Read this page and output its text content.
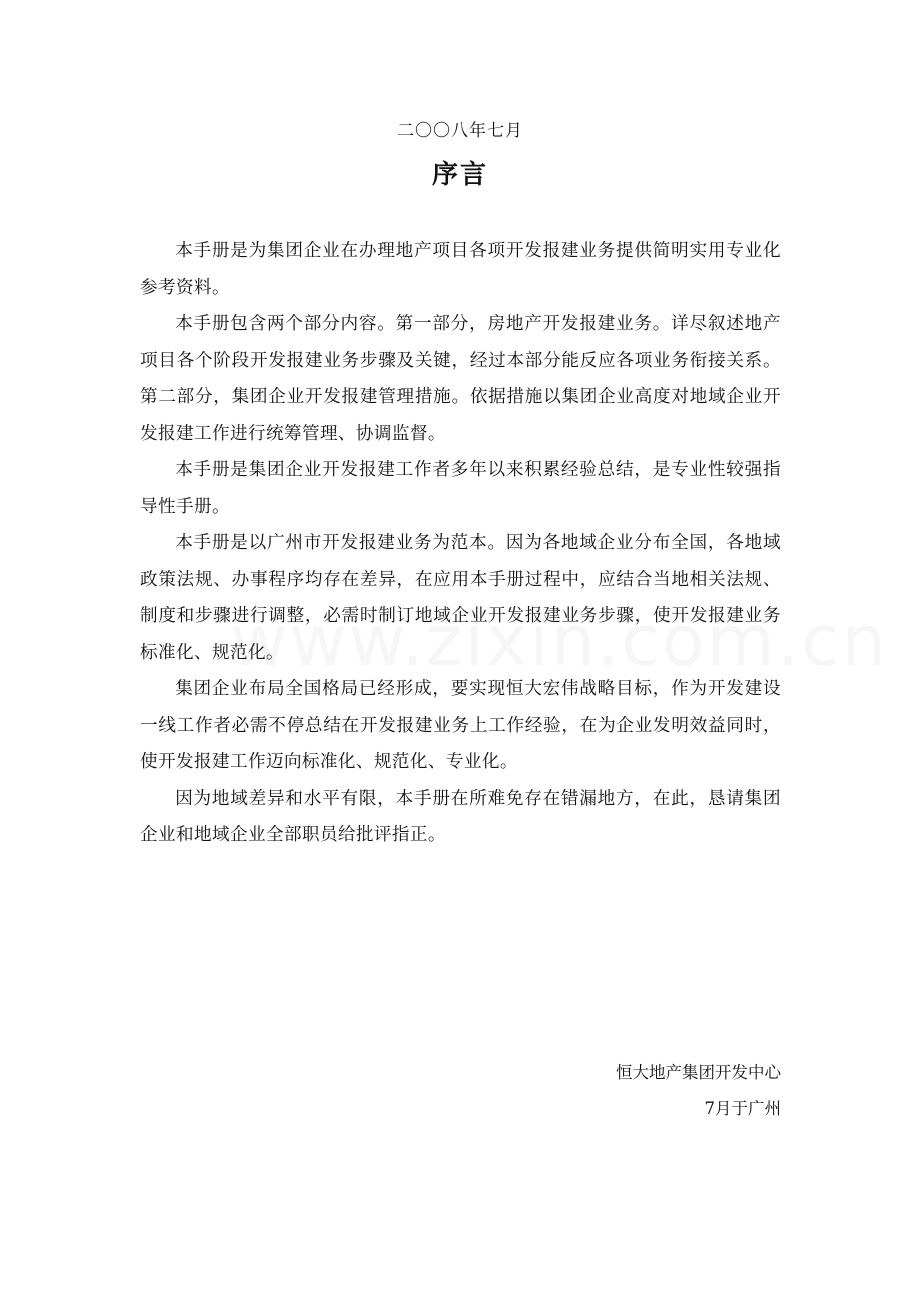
二〇〇八年七月
序言

本手册是为集团企业在办理地产项目各项开发报建业务提供简明实用专业化参考资料。

本手册包含两个部分内容。第一部分，房地产开发报建业务。详尽叙述地产项目各个阶段开发报建业务步骤及关键，经过本部分能反应各项业务衔接关系。第二部分，集团企业开发报建管理措施。依据措施以集团企业高度对地域企业开发报建工作进行统筹管理、协调监督。

本手册是集团企业开发报建工作者多年以来积累经验总结，是专业性较强指导性手册。

本手册是以广州市开发报建业务为范本。因为各地域企业分布全国，各地域政策法规、办事程序均存在差异，在应用本手册过程中，应结合当地相关法规、制度和步骤进行调整，必需时制订地域企业开发报建业务步骤，使开发报建业务标准化、规范化。

集团企业布局全国格局已经形成，要实现恒大宏伟战略目标，作为开发建设一线工作者必需不停总结在开发报建业务上工作经验，在为企业发明效益同时，使开发报建工作迈向标准化、规范化、专业化。

因为地域差异和水平有限，本手册在所难免存在错漏地方，在此，恳请集团企业和地域企业全部职员给批评指正。

恒大地产集团开发中心
7月于广州
